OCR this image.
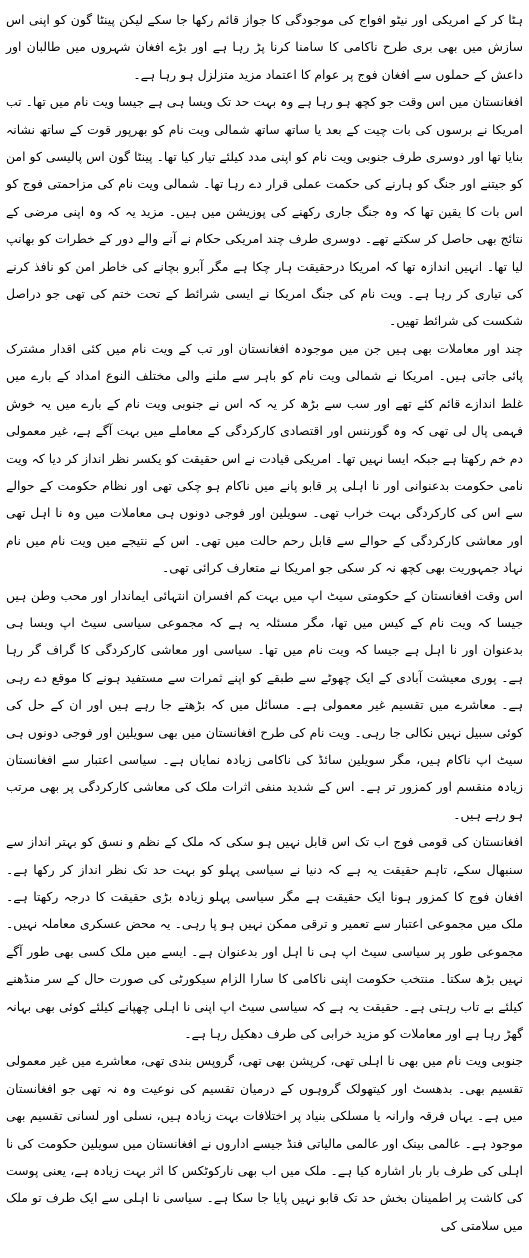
ہٹا کر کے امریکی اور نیٹو افواج کی موجودگی کا جواز قائم رکھا جا سکے لیکن پینٹا گون کو اپنی اس سازش میں بھی بری طرح ناکامی کا سامنا کرنا پڑ رہا ہے اور بڑے افغان شہروں میں طالبان اور داعش کے حملوں سے افغان فوج پر عوام کا اعتماد مزید متزلزل ہو رہا ہے۔

افغانستان میں اس وقت جو کچھ ہو رہا ہے وہ بہت حد تک ویسا ہی ہے جیسا ویت نام میں تھا۔ تب امریکا نے برسوں کی بات چیت کے بعد یا ساتھ ساتھ شمالی ویت نام کو بھرپور قوت کے ساتھ نشانہ بنایا تھا اور دوسری طرف جنوبی ویت نام کو اپنی مدد کیلئے تیار کیا تھا۔ پینٹا گون اس پالیسی کو امن کو جیتنے اور جنگ کو ہارنے کی حکمت عملی قرار دے رہا تھا۔ شمالی ویت نام کی مزاحمتی فوج کو اس بات کا یقین تھا کہ وہ جنگ جاری رکھنے کی پوزیشن میں ہیں۔ مزید یہ کہ وہ اپنی مرضی کے نتائج بھی حاصل کر سکتے تھے۔ دوسری طرف چند امریکی حکام نے آنے والے دور کے خطرات کو بھانپ لیا تھا۔ انہیں اندازہ تھا کہ امریکا درحقیقت ہار چکا ہے مگر آبرو بچانے کی خاطر امن کو نافذ کرنے کی تیاری کر رہا ہے۔ ویت نام کی جنگ امریکا نے ایسی شرائط کے تحت ختم کی تھی جو دراصل شکست کی شرائط تھیں۔

چند اور معاملات بھی ہیں جن میں موجودہ افغانستان اور تب کے ویت نام میں کئی اقدار مشترک پائی جاتی ہیں۔ امریکا نے شمالی ویت نام کو باہر سے ملنے والی مختلف النوع امداد کے بارے میں غلط اندازے قائم کئے تھے اور سب سے بڑھ کر یہ کہ اس نے جنوبی ویت نام کے بارے میں یہ خوش فہمی پال لی تھی کہ وہ گورننس اور اقتصادی کارکردگی کے معاملے میں بہت آگے ہے، غیر معمولی دم خم رکھتا ہے جبکہ ایسا نہیں تھا۔ امریکی قیادت نے اس حقیقت کو یکسر نظر انداز کر دیا کہ ویت نامی حکومت بدعنوانی اور نا اہلی پر قابو پانے میں ناکام ہو چکی تھی اور نظام حکومت کے حوالے سے اس کی کارکردگی بہت خراب تھی۔ سویلین اور فوجی دونوں ہی معاملات میں وہ نا اہل تھی اور معاشی کارکردگی کے حوالے سے قابل رحم حالت میں تھی۔ اس کے نتیجے میں ویت نام میں نام نہاد جمہوریت بھی کچھ نہ کر سکی جو امریکا نے متعارف کرائی تھی۔

اس وقت افغانستان کے حکومتی سیٹ اپ میں بہت کم افسران انتہائی ایماندار اور محب وطن ہیں جیسا کہ ویت نام کے کیس میں تھا، مگر مسئلہ یہ ہے کہ مجموعی سیاسی سیٹ اپ ویسا ہی بدعنوان اور نا اہل ہے جیسا کہ ویت نام میں تھا۔ سیاسی اور معاشی کارکردگی کا گراف گر رہا ہے۔ پوری معیشت آبادی کے ایک چھوٹے سے طبقے کو اپنے ثمرات سے مستفید ہونے کا موقع دے رہی ہے۔ معاشرے میں تقسیم غیر معمولی ہے۔ مسائل میں کہ بڑھتے جا رہے ہیں اور ان کے حل کی کوئی سبیل نہیں نکالی جا رہی۔ ویت نام کی طرح افغانستان میں بھی سویلین اور فوجی دونوں ہی سیٹ اپ ناکام ہیں، مگر سویلین سائڈ کی ناکامی زیادہ نمایاں ہے۔ سیاسی اعتبار سے افغانستان زیادہ منقسم اور کمزور تر ہے۔ اس کے شدید منفی اثرات ملک کی معاشی کارکردگی پر بھی مرتب ہو رہے ہیں۔

افغانستان کی قومی فوج اب تک اس قابل نہیں ہو سکی کہ ملک کے نظم و نسق کو بہتر انداز سے سنبھال سکے، تاہم حقیقت یہ ہے کہ دنیا نے سیاسی پہلو کو بہت حد تک نظر انداز کر رکھا ہے۔ افغان فوج کا کمزور ہونا ایک حقیقت ہے مگر سیاسی پہلو زیادہ بڑی حقیقت کا درجہ رکھتا ہے۔ ملک میں مجموعی اعتبار سے تعمیر و ترقی ممکن نہیں ہو پا رہی۔ یہ محض عسکری معاملہ نہیں۔ مجموعی طور پر سیاسی سیٹ اپ ہی نا اہل اور بدعنوان ہے۔ ایسے میں ملک کسی بھی طور آگے نہیں بڑھ سکتا۔ منتخب حکومت اپنی ناکامی کا سارا الزام سیکورٹی کی صورت حال کے سر منڈھنے کیلئے بے تاب رہتی ہے۔ حقیقت یہ ہے کہ سیاسی سیٹ اپ اپنی نا اہلی چھپانے کیلئے کوئی بھی بہانہ گھڑ رہا ہے اور معاملات کو مزید خرابی کی طرف دھکیل رہا ہے۔

جنوبی ویت نام میں بھی نا اہلی تھی، کرپشن بھی تھی، گروپس بندی تھی، معاشرے میں غیر معمولی تقسیم بھی۔ بدھسٹ اور کیتھولک گروہوں کے درمیان تقسیم کی نوعیت وہ نہ تھی جو افغانستان میں ہے۔ یہاں فرقہ وارانہ یا مسلکی بنیاد پر اختلافات بہت زیادہ ہیں، نسلی اور لسانی تقسیم بھی موجود ہے۔ عالمی بینک اور عالمی مالیاتی فنڈ جیسے اداروں نے افغانستان میں سویلین حکومت کی نا اہلی کی طرف بار بار اشارہ کیا ہے۔ ملک میں اب بھی نارکوٹکس کا اثر بہت زیادہ ہے، یعنی پوست کی کاشت پر اطمینان بخش حد تک قابو نہیں پایا جا سکا ہے۔ سیاسی نا اہلی سے ایک طرف تو ملک میں سلامتی کی
